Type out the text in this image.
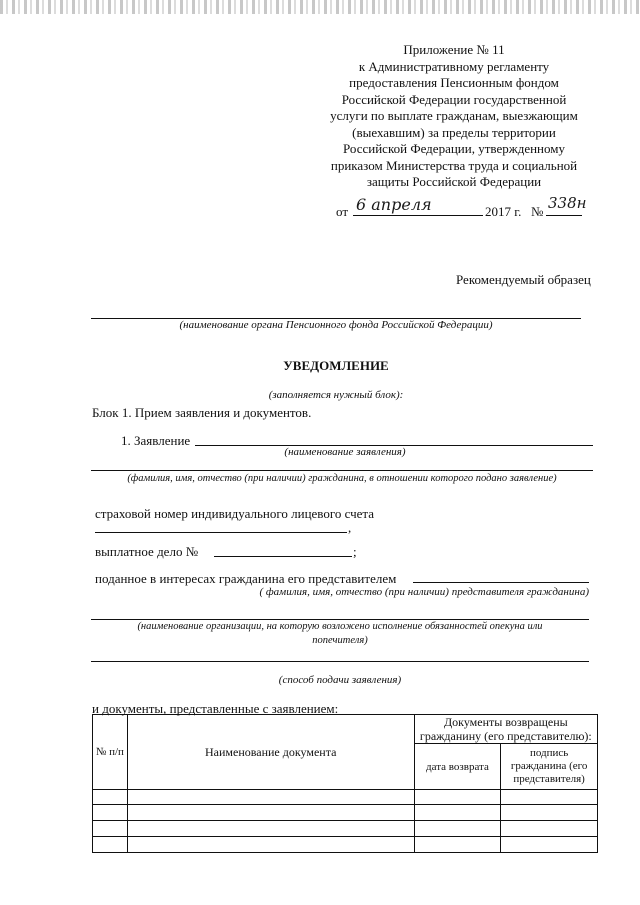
Приложение № 11
к Административному регламенту
предоставления Пенсионным фондом
Российской Федерации государственной
услуги по выплате гражданам, выезжающим
(выехавшим) за пределы территории
Российской Федерации, утвержденному
приказом Министерства труда и социальной
защиты Российской Федерации
от 6 апреля	2017 г. № 338н
Рекомендуемый образец
(наименование органа Пенсионного фонда Российской Федерации)
УВЕДОМЛЕНИЕ
(заполняется нужный блок):
Блок 1. Прием заявления и документов.
1. Заявление
(наименование заявления)
(фамилия, имя, отчество (при наличии) гражданина, в отношении которого подано заявление)
страховой номер индивидуального лицевого счета
,
выплатное дело №	;
поданное в интересах гражданина его представителем
( фамилия, имя, отчество (при наличии) представителя гражданина)
(наименование организации, на которую возложено исполнение обязанностей опекуна или
попечителя)
(способ подачи заявления)
и документы, представленные с заявлением:
№ п/п	Наименование документа	Документы возвращены гражданину (его представителю):	
		дата возврата	подпись гражданина (его представителя)
